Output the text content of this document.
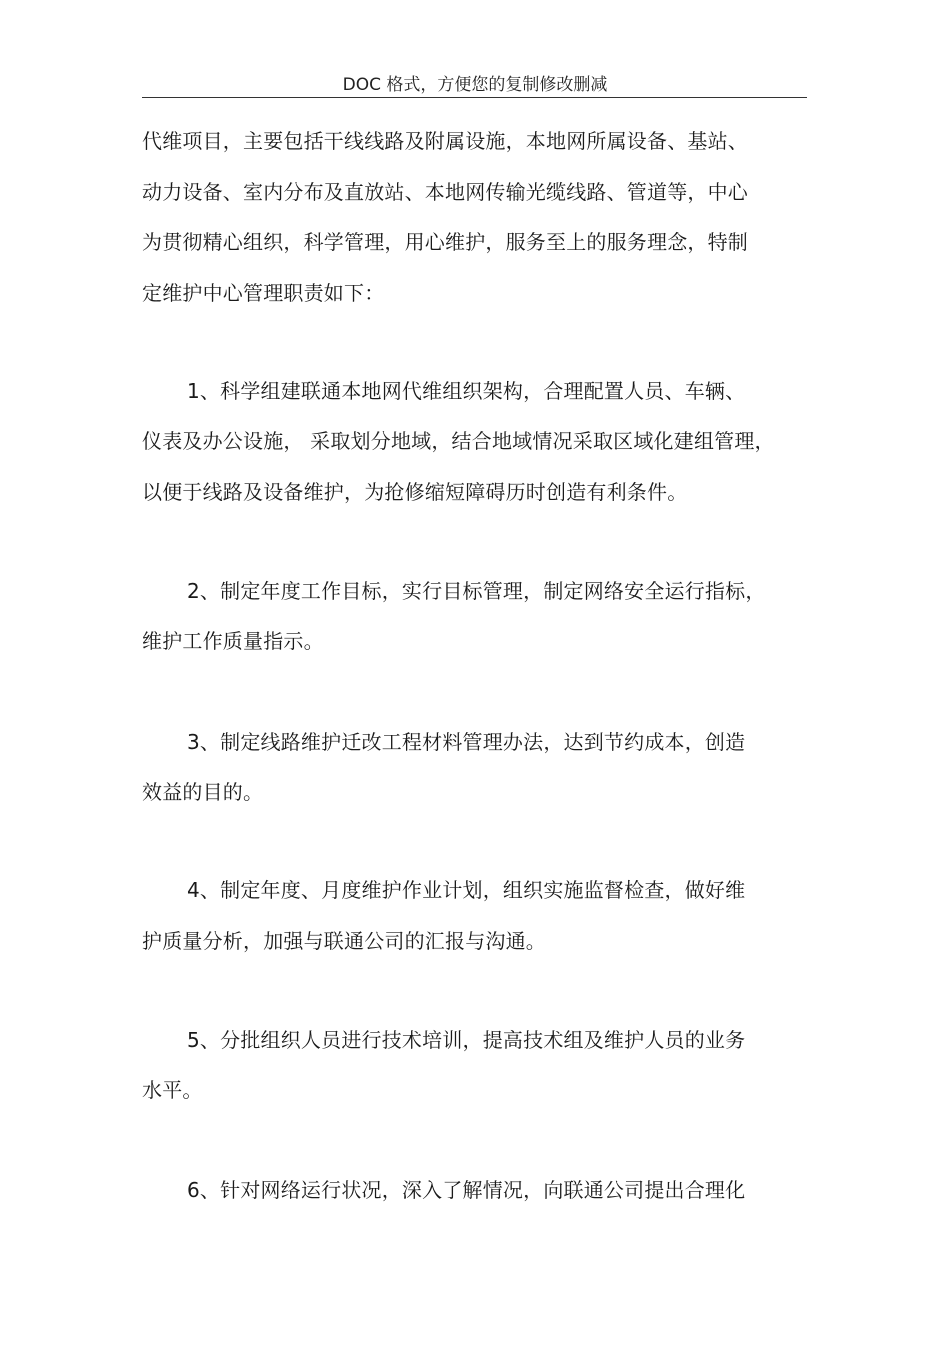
DOC 格式，方便您的复制修改删减
代维项目，主要包括干线线路及附属设施，本地网所属设备、基站、
动力设备、室内分布及直放站、本地网传输光缆线路、管道等，中心
为贯彻精心组织，科学管理，用心维护，服务至上的服务理念，特制
定维护中心管理职责如下：
1、科学组建联通本地网代维组织架构，合理配置人员、车辆、
仪表及办公设施， 采取划分地域，结合地域情况采取区域化建组管理，
以便于线路及设备维护，为抢修缩短障碍历时创造有利条件。
2、制定年度工作目标，实行目标管理，制定网络安全运行指标，
维护工作质量指示。
3、制定线路维护迁改工程材料管理办法，达到节约成本，创造
效益的目的。
4、制定年度、月度维护作业计划，组织实施监督检查，做好维
护质量分析，加强与联通公司的汇报与沟通。
5、分批组织人员进行技术培训，提高技术组及维护人员的业务
水平。
6、针对网络运行状况，深入了解情况，向联通公司提出合理化
